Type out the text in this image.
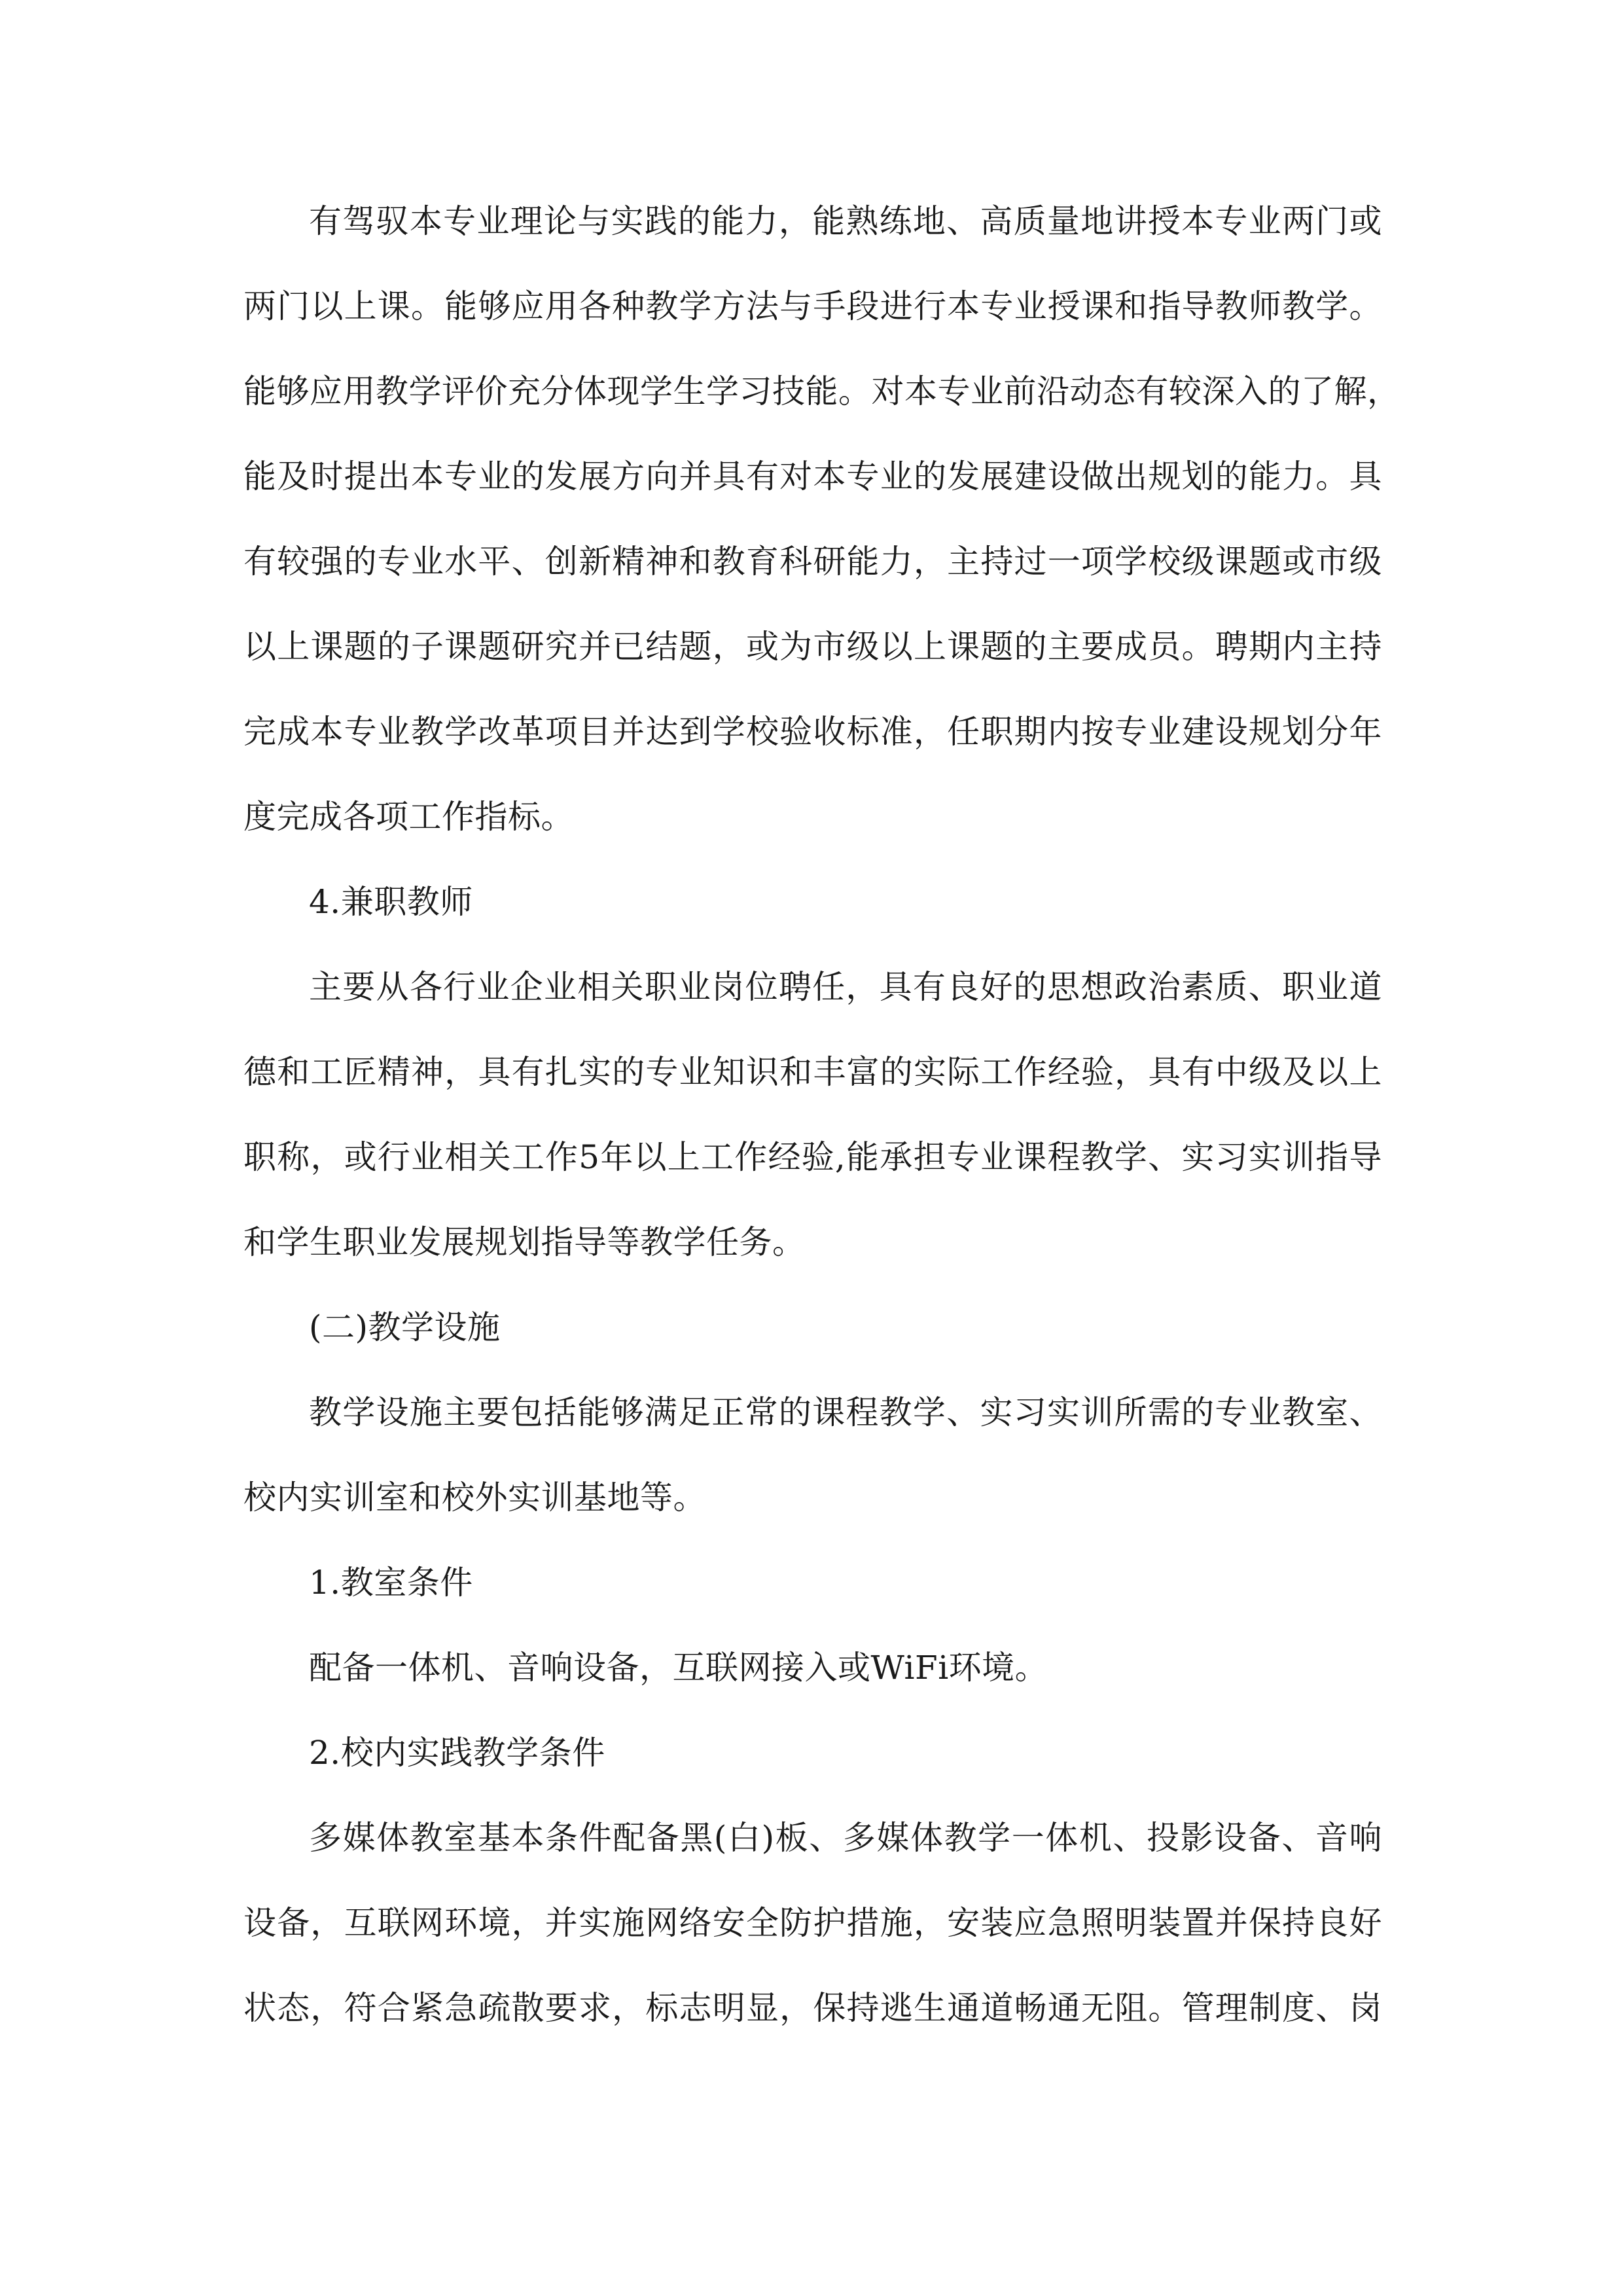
有驾驭本专业理论与实践的能力，能熟练地、高质量地讲授本专业两门或
两门以上课。能够应用各种教学方法与手段进行本专业授课和指导教师教学。
能够应用教学评价充分体现学生学习技能。对本专业前沿动态有较深入的了解，
能及时提出本专业的发展方向并具有对本专业的发展建设做出规划的能力。具
有较强的专业水平、创新精神和教育科研能力，主持过一项学校级课题或市级
以上课题的子课题研究并已结题，或为市级以上课题的主要成员。聘期内主持
完成本专业教学改革项目并达到学校验收标准，任职期内按专业建设规划分年
度完成各项工作指标。
4.兼职教师
主要从各行业企业相关职业岗位聘任，具有良好的思想政治素质、职业道
德和工匠精神，具有扎实的专业知识和丰富的实际工作经验，具有中级及以上
职称，或行业相关工作5年以上工作经验,能承担专业课程教学、实习实训指导
和学生职业发展规划指导等教学任务。
(二)教学设施
教学设施主要包括能够满足正常的课程教学、实习实训所需的专业教室、
校内实训室和校外实训基地等。
1.教室条件
配备一体机、音响设备，互联网接入或WiFi环境。
2.校内实践教学条件
多媒体教室基本条件配备黑(白)板、多媒体教学一体机、投影设备、音响
设备，互联网环境，并实施网络安全防护措施，安装应急照明装置并保持良好
状态，符合紧急疏散要求，标志明显，保持逃生通道畅通无阻。管理制度、岗
